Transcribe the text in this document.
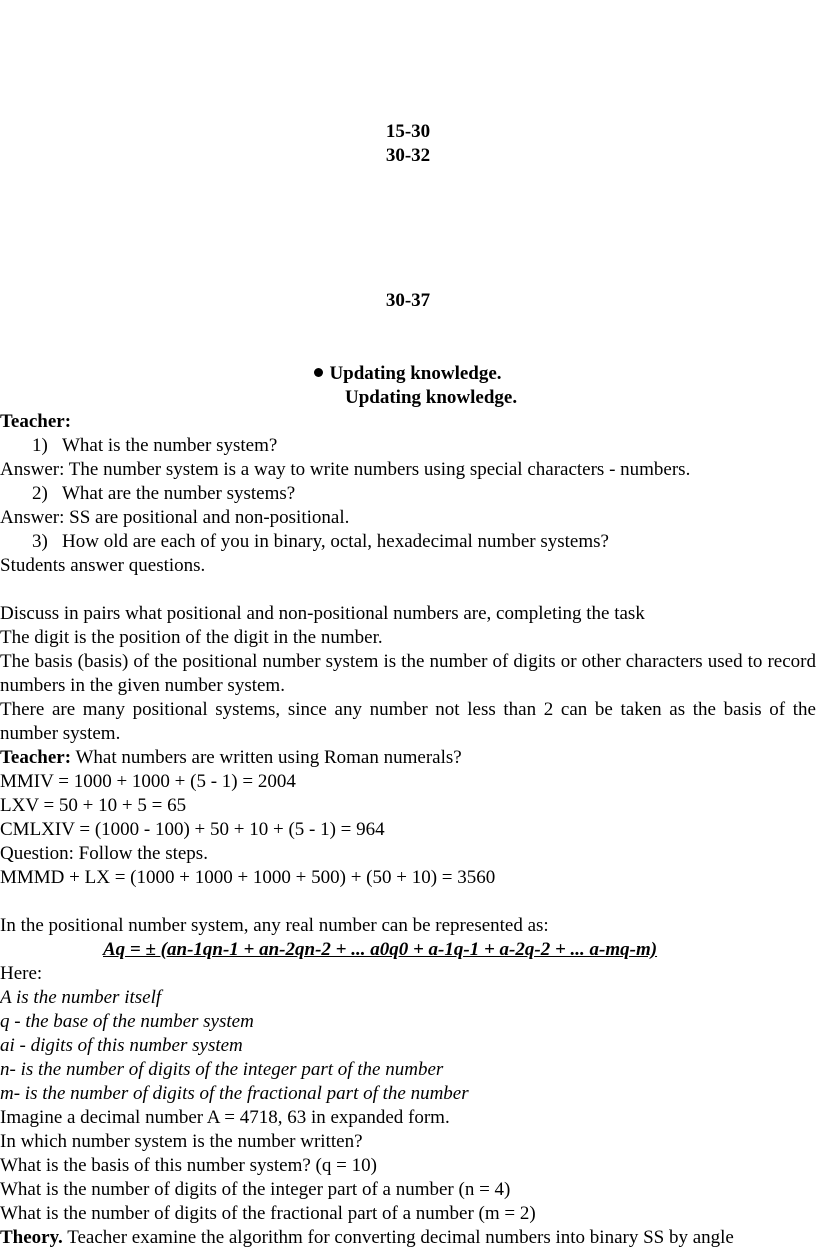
15-30
30-32
30-37
Updating knowledge.
Updating knowledge.
Teacher:
1) What is the number system?
Answer: The number system is a way to write numbers using special characters - numbers.
2) What are the number systems?
Answer: SS are positional and non-positional.
3) How old are each of you in binary, octal, hexadecimal number systems?
Students answer questions.
Discuss in pairs what positional and non-positional numbers are, completing the task
The digit is the position of the digit in the number.
The basis (basis) of the positional number system is the number of digits or other characters used to record numbers in the given number system.
There are many positional systems, since any number not less than 2 can be taken as the basis of the number system.
Teacher: What numbers are written using Roman numerals?
MMIV = 1000 + 1000 + (5 - 1) = 2004
LXV = 50 + 10 + 5 = 65
CMLXIV = (1000 - 100) + 50 + 10 + (5 - 1) = 964
Question: Follow the steps.
MMMD + LX = (1000 + 1000 + 1000 + 500) + (50 + 10) = 3560
In the positional number system, any real number can be represented as:
Aq = ± (an-1qn-1 + an-2qn-2 + ... a0q0 + a-1q-1 + a-2q-2 + ... a-mq-m)
Here:
A is the number itself
q - the base of the number system
ai - digits of this number system
n- is the number of digits of the integer part of the number
m- is the number of digits of the fractional part of the number
Imagine a decimal number A = 4718, 63 in expanded form.
In which number system is the number written?
What is the basis of this number system? (q = 10)
What is the number of digits of the integer part of a number (n = 4)
What is the number of digits of the fractional part of a number (m = 2)
Theory. Teacher examine the algorithm for converting decimal numbers into binary SS by angle
